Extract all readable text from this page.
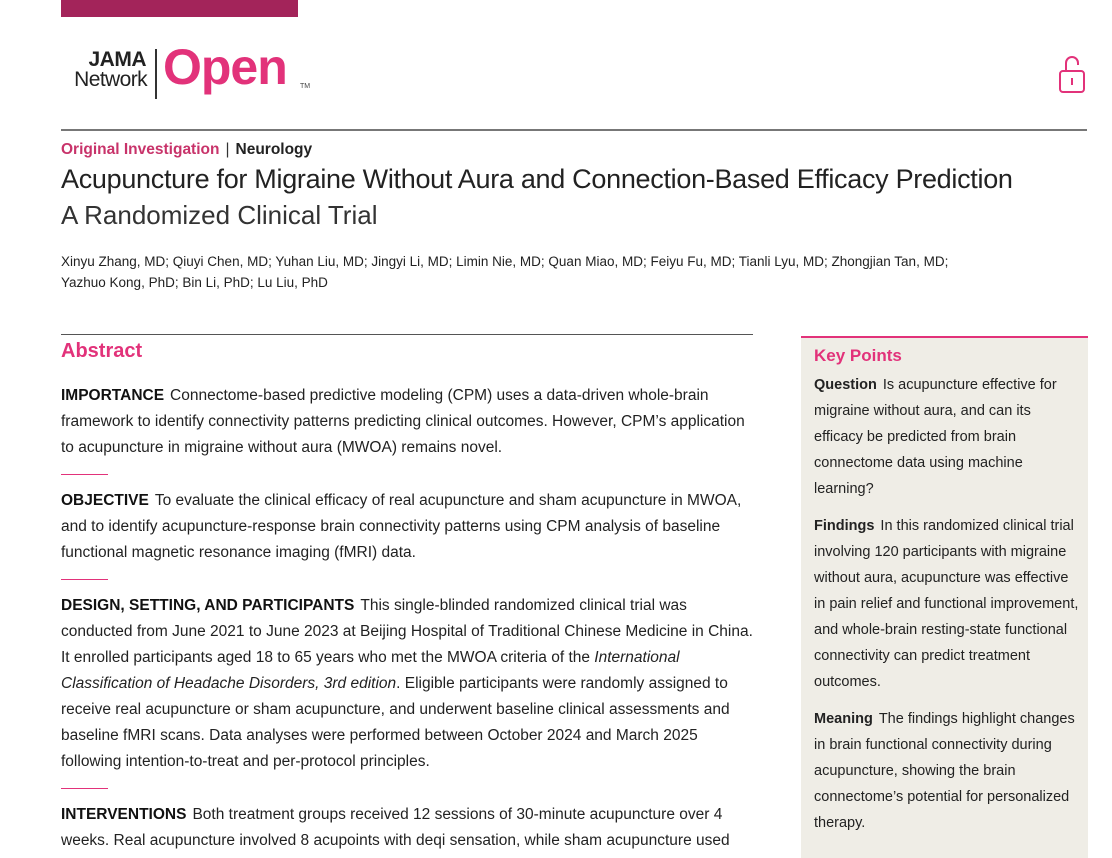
JAMA
Network Open TM
Original Investigation | Neurology
Acupuncture for Migraine Without Aura and Connection-Based Efficacy Prediction
A Randomized Clinical Trial
Xinyu Zhang, MD; Qiuyi Chen, MD; Yuhan Liu, MD; Jingyi Li, MD; Limin Nie, MD; Quan Miao, MD; Feiyu Fu, MD; Tianli Lyu, MD; Zhongjian Tan, MD;
Yazhuo Kong, PhD; Bin Li, PhD; Lu Liu, PhD
Abstract

IMPORTANCE Connectome-based predictive modeling (CPM) uses a data-driven whole-brain framework to identify connectivity patterns predicting clinical outcomes. However, CPM’s application to acupuncture in migraine without aura (MWOA) remains novel.

OBJECTIVE To evaluate the clinical efficacy of real acupuncture and sham acupuncture in MWOA, and to identify acupuncture-response brain connectivity patterns using CPM analysis of baseline functional magnetic resonance imaging (fMRI) data.

DESIGN, SETTING, AND PARTICIPANTS This single-blinded randomized clinical trial was conducted from June 2021 to June 2023 at Beijing Hospital of Traditional Chinese Medicine in China. It enrolled participants aged 18 to 65 years who met the MWOA criteria of the International Classification of Headache Disorders, 3rd edition. Eligible participants were randomly assigned to receive real acupuncture or sham acupuncture, and underwent baseline clinical assessments and baseline fMRI scans. Data analyses were performed between October 2024 and March 2025 following intention-to-treat and per-protocol principles.

INTERVENTIONS Both treatment groups received 12 sessions of 30-minute acupuncture over 4 weeks. Real acupuncture involved 8 acupoints with deqi sensation, while sham acupuncture used

Key Points

Question Is acupuncture effective for migraine without aura, and can its efficacy be predicted from brain connectome data using machine learning?

Findings In this randomized clinical trial involving 120 participants with migraine without aura, acupuncture was effective in pain relief and functional improvement, and whole-brain resting-state functional connectivity can predict treatment outcomes.

Meaning The findings highlight changes in brain functional connectivity during acupuncture, showing the brain connectome’s potential for personalized therapy.
